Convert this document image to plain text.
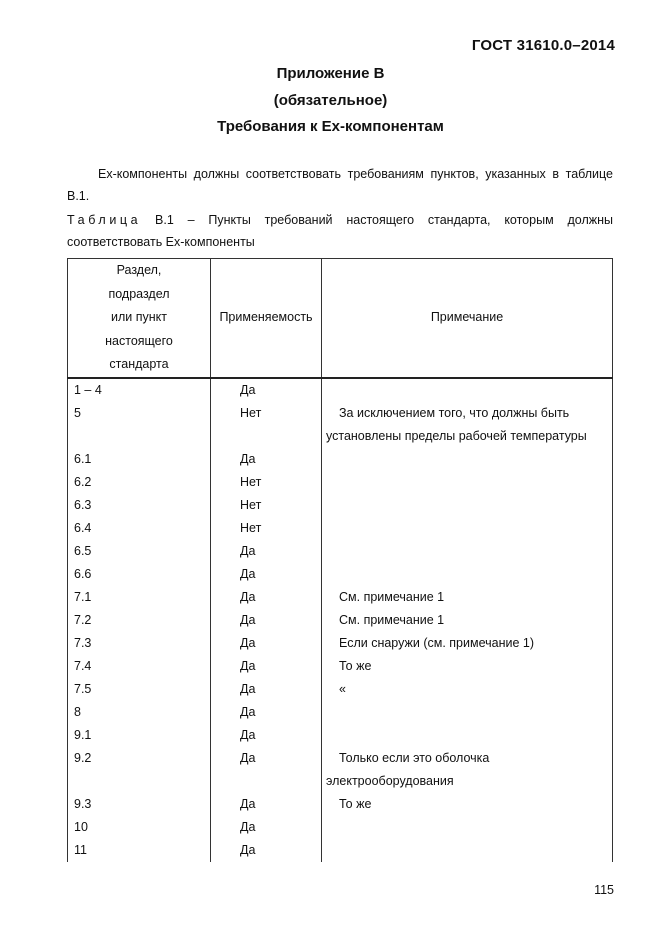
ГОСТ 31610.0–2014
Приложение В
(обязательное)
Требования к Ex-компонентам
Ex-компоненты должны соответствовать требованиям пунктов, указанных в таблице В.1.
Таблица В.1 – Пункты требований настоящего стандарта, которым должны
соответствовать Ex-компоненты
Раздел, подраздел или пункт настоящего стандарта	Применяемость	Примечание
1 – 4	Да	
5	Нет	За исключением того, что должны быть установлены пределы рабочей температуры
6.1	Да	
6.2	Нет	
6.3	Нет	
6.4	Нет	
6.5	Да	
6.6	Да	
7.1	Да	См. примечание 1
7.2	Да	См. примечание 1
7.3	Да	Если снаружи (см. примечание 1)
7.4	Да	То же
7.5	Да	«
8	Да	
9.1	Да	
9.2	Да	Только если это оболочка электрооборудования
9.3	Да	То же
10	Да	
11	Да	
115
